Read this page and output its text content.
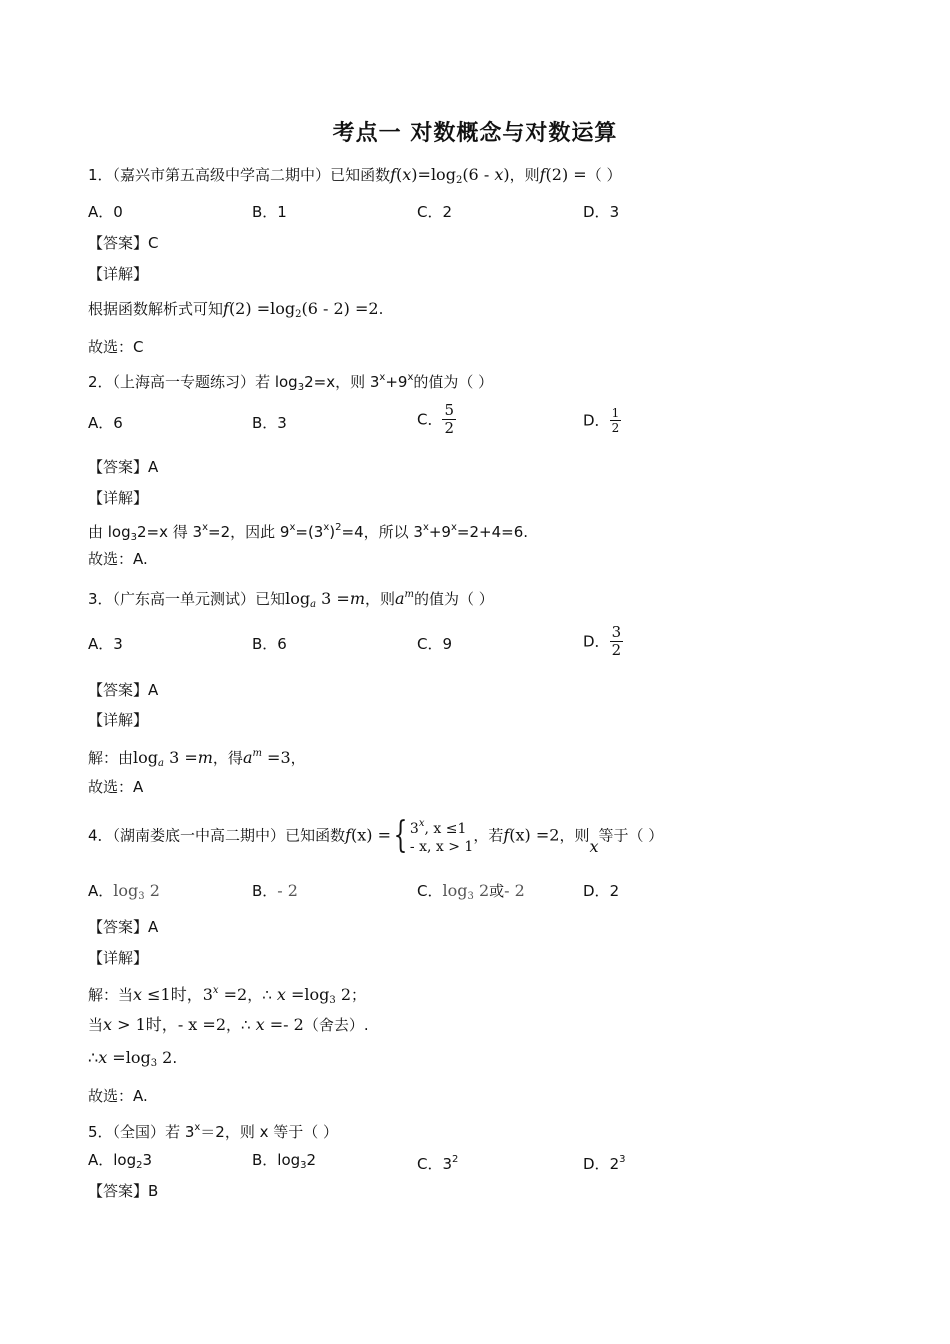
考点一 对数概念与对数运算
1．（嘉兴市第五高级中学高二期中）已知函数$f(x)=\log_2(6 - x)$，则f(2) =（ ）
A．0	B．1	C．2	D．3
【答案】C
【详解】
根据函数解析式可知$f(2) =\log_2(6 - 2) =2$.
故选：C
2．（上海高一专题练习）若 $\log_32=x$，则 $3^x+9^x$的值为（ ）
A．6	B．3	C． $\frac{5}{2}$	D． $\frac{1}{2}$
【答案】A
【详解】
由 $\log_32=x$ 得 $3^x=2$，因此 $9^x=(3^x)^2=4$，所以 $3^x+9^x=2+4=6$.
故选：A.
3．（广东高一单元测试）已知$\log_a 3 =m$，则$a^m$的值为（ ）
A．3	B．6	C．9	D． $\frac{3}{2}$
【答案】A
【详解】
解：由$\log_a 3 =m$，得$a^m =3$，
故选：A
4．（湖南娄底一中高二期中）已知函数f(x) ={ 3$^x$, x ≤1
- x, x > 1
，若f(x) =2，则x等于（ ）
A．$\log_3 2$	B．- 2	C．$\log_3 2$或- 2	D．2
【答案】A
【详解】
解：当x ≤1时，$3^x =2$，∴ $x =\log_3$ 2；
当x > 1时，- x =2，∴ x =- 2（舍去）.
∴x $=\log_3$ 2.
故选：A.
5．（全国）若 $3^x=2$，则 x 等于（ ）
A．$\log_23$	B．$\log_32$	C．$3^2$	D．$2^3$
【答案】B
